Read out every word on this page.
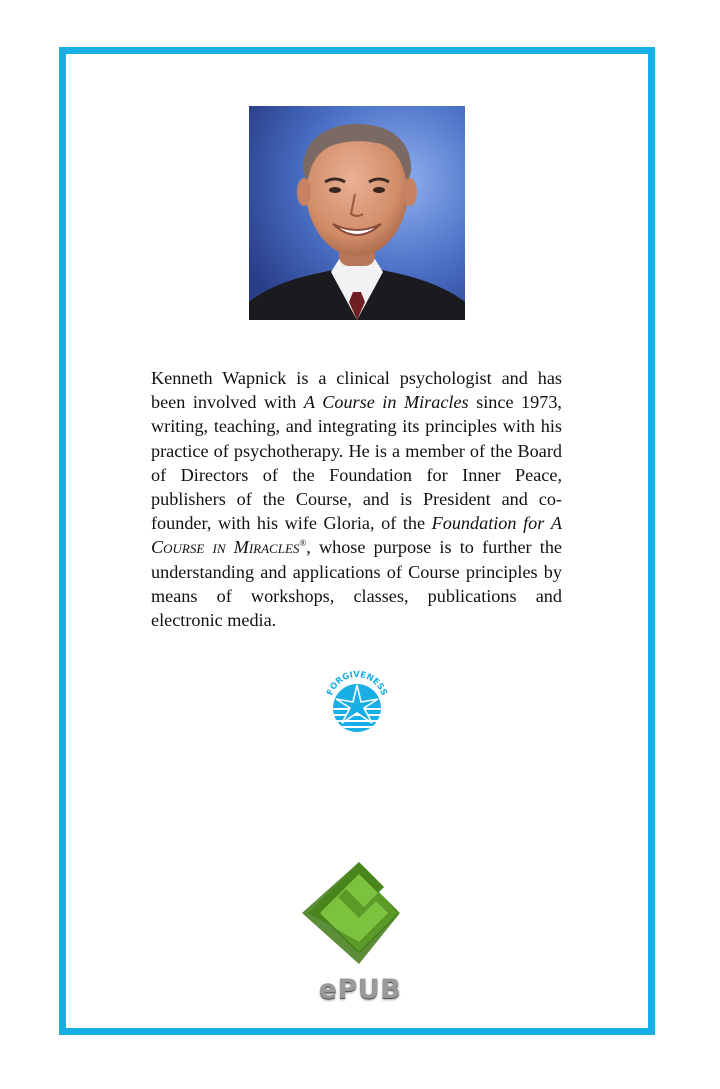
Kenneth Wapnick is a clinical psychologist and has been involved with A Course in Miracles since 1973, writing, teaching, and integrating its principles with his practice of psychotherapy. He is a member of the Board of Directors of the Foundation for Inner Peace, publishers of the Course, and is President and co-founder, with his wife Gloria, of the Foundation for A Course in Miracles®, whose purpose is to further the understanding and applications of Course principles by means of workshops, classes, publications and electronic media.

FORGIVENESS
ePUB
